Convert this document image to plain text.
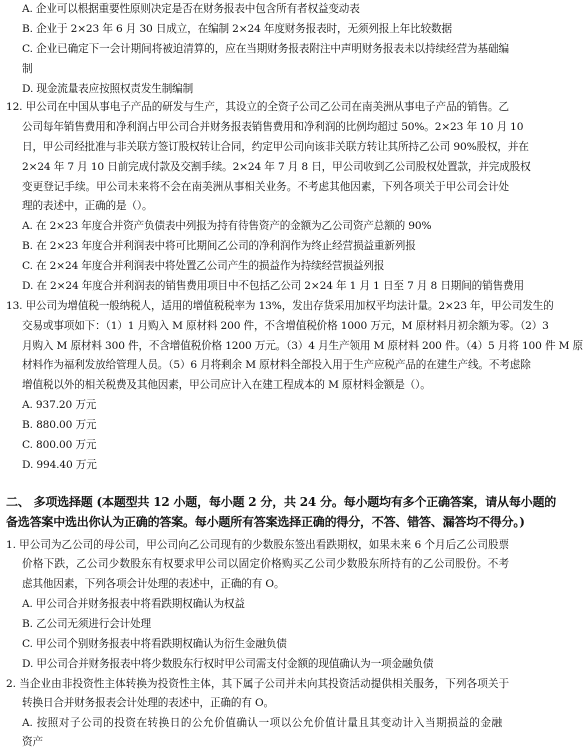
A. 企业可以根据重要性原则决定是否在财务报表中包含所有者权益变动表
B. 企业于 2×23 年 6 月 30 日成立，在编制 2×24 年度财务报表时，无须列报上年比较数据
C. 企业已确定下一会计期间将被迫清算的，应在当期财务报表附注中声明财务报表未以持续经营为基础编
制
D. 现金流量表应按照权责发生制编制
12. 甲公司在中国从事电子产品的研发与生产，其设立的全资子公司乙公司在南美洲从事电子产品的销售。乙
公司每年销售费用和净利润占甲公司合并财务报表销售费用和净利润的比例均超过 50%。2×23 年 10 月 10
日，甲公司经批准与非关联方签订股权转让合同，约定甲公司向该非关联方转让其所持乙公司 90%股权，并在
2×24 年 7 月 10 日前完成付款及交割手续。2×24 年 7 月 8 日，甲公司收到乙公司股权处置款，并完成股权
变更登记手续。甲公司未来将不会在南美洲从事相关业务。不考虑其他因素，下列各项关于甲公司会计处
理的表述中，正确的是（）。
A. 在 2×23 年度合并资产负债表中列报为持有待售资产的金额为乙公司资产总额的 90%
B. 在 2×23 年度合并利润表中将可比期间乙公司的净利润作为终止经营损益重新列报
C. 在 2×24 年度合并利润表中将处置乙公司产生的损益作为持续经营损益列报
D. 在 2×24 年度合并利润表的销售费用项目中不包括乙公司 2×24 年 1 月 1 日至 7 月 8 日期间的销售费用
13. 甲公司为增值税一般纳税人，适用的增值税税率为 13%，发出存货采用加权平均法计量。2×23 年，甲公司发生的
交易或事项如下：（1）1 月购入 M 原材料 200 件，不含增值税价格 1000 万元，M 原材料月初余额为零。（2）3
月购入 M 原材料 300 件，不含增值税价格 1200 万元。（3）4 月生产领用 M 原材料 200 件。（4）5 月将 100 件 M 原
材料作为福利发放给管理人员。（5）6 月将剩余 M 原材料全部投入用于生产应税产品的在建生产线。不考虑除
增值税以外的相关税费及其他因素，甲公司应计入在建工程成本的 M 原材料金额是（）。
A. 937.20 万元
B. 880.00 万元
C. 800.00 万元
D. 994.40 万元
二、 多项选择题 (本题型共 12 小题，每小题 2 分，共 24 分。每小题均有多个正确答案，请从每小题的
备选答案中选出你认为正确的答案。每小题所有答案选择正确的得分，不答、错答、漏答均不得分。)
1. 甲公司为乙公司的母公司，甲公司向乙公司现有的少数股东签出看跌期权，如果未来 6 个月后乙公司股票
价格下跌，乙公司少数股东有权要求甲公司以固定价格购买乙公司少数股东所持有的乙公司股份。不考
虑其他因素，下列各项会计处理的表述中，正确的有 O。
A. 甲公司合并财务报表中将看跌期权确认为权益
B. 乙公司无须进行会计处理
C. 甲公司个别财务报表中将看跌期权确认为衍生金融负债
D. 甲公司合并财务报表中将少数股东行权时甲公司需支付金额的现值确认为一项金融负债
2. 当企业由非投资性主体转换为投资性主体，其下属子公司并未向其投资活动提供相关服务，下列各项关于
转换日合并财务报表会计处理的表述中，正确的有 O。
A. 按照对子公司的投资在转换日的公允价值确认一项以公允价值计量且其变动计入当期损益的金融
资产
